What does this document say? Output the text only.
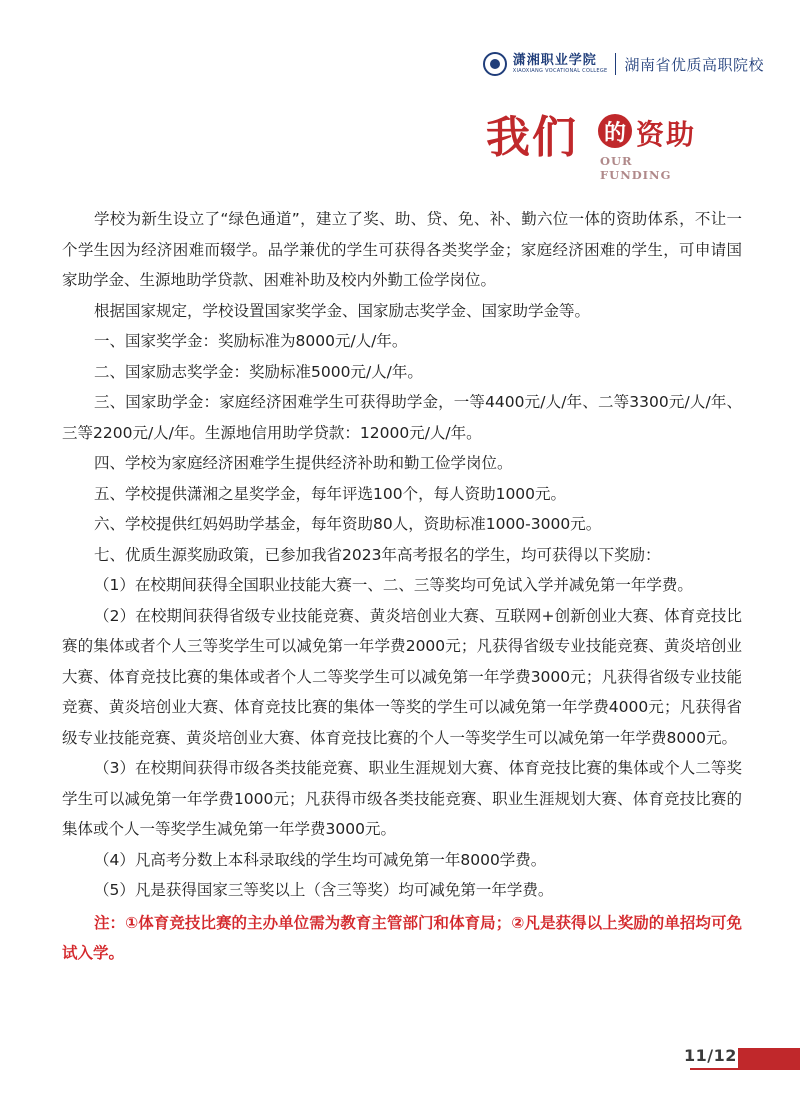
潇湘职业学院
XIAOXIANG VOCATIONAL COLLEGE 湖南省优质高职院校
我们 的 资助
OUR FUNDING

学校为新生设立了“绿色通道”，建立了奖、助、贷、免、补、勤六位一体的资助体系，不让一个学生因为经济困难而辍学。品学兼优的学生可获得各类奖学金；家庭经济困难的学生，可申请国家助学金、生源地助学贷款、困难补助及校内外勤工俭学岗位。

根据国家规定，学校设置国家奖学金、国家励志奖学金、国家助学金等。

一、国家奖学金：奖励标准为8000元/人/年。

二、国家励志奖学金：奖励标准5000元/人/年。

三、国家助学金：家庭经济困难学生可获得助学金，一等4400元/人/年、二等3300元/人/年、三等2200元/人/年。生源地信用助学贷款：12000元/人/年。

四、学校为家庭经济困难学生提供经济补助和勤工俭学岗位。

五、学校提供潇湘之星奖学金，每年评选100个，每人资助1000元。

六、学校提供红妈妈助学基金，每年资助80人，资助标准1000-3000元。

七、优质生源奖励政策，已参加我省2023年高考报名的学生，均可获得以下奖励：

（1）在校期间获得全国职业技能大赛一、二、三等奖均可免试入学并减免第一年学费。

（2）在校期间获得省级专业技能竞赛、黄炎培创业大赛、互联网+创新创业大赛、体育竞技比赛的集体或者个人三等奖学生可以减免第一年学费2000元；凡获得省级专业技能竞赛、黄炎培创业大赛、体育竞技比赛的集体或者个人二等奖学生可以减免第一年学费3000元；凡获得省级专业技能竞赛、黄炎培创业大赛、体育竞技比赛的集体一等奖的学生可以减免第一年学费4000元；凡获得省级专业技能竞赛、黄炎培创业大赛、体育竞技比赛的个人一等奖学生可以减免第一年学费8000元。

（3）在校期间获得市级各类技能竞赛、职业生涯规划大赛、体育竞技比赛的集体或个人二等奖学生可以减免第一年学费1000元；凡获得市级各类技能竞赛、职业生涯规划大赛、体育竞技比赛的集体或个人一等奖学生减免第一年学费3000元。

（4）凡高考分数上本科录取线的学生均可减免第一年8000学费。

（5）凡是获得国家三等奖以上（含三等奖）均可减免第一年学费。

注：①体育竞技比赛的主办单位需为教育主管部门和体育局；②凡是获得以上奖励的单招均可免试入学。

11/12
